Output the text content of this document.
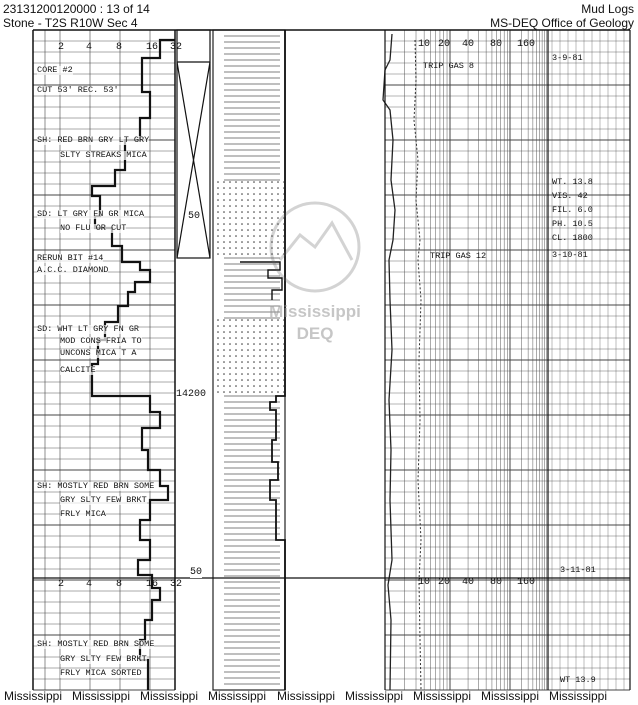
23131200120000 : 13 of 14
Stone - T2S R10W Sec 4
Mud Logs
MS-DEQ Office of Geology
2 4 8 16 32
2 4 8 16 32
10 20 40 80 160
10 20 40 80 160
50
14200
50
CORE #2
CUT 53' REC. 53'
SH: RED BRN GRY LT GRY
SLTY STREAKS MICA
SD: LT GRY FN GR MICA
NO FLU OR CUT
RERUN BIT #14
A.C.C. DIAMOND
SD: WHT LT GRY FN GR
MOD CONS FRIA TO
UNCONS MICA T A
CALCITE
SH: MOSTLY RED BRN SOME
GRY SLTY FEW BRKT
FRLY MICA
SH: MOSTLY RED BRN SOME
GRY SLTY FEW BRKT
FRLY MICA SORTED
TRIP GAS 8
TRIP GAS 12
3-9-81
WT. 13.8
VIS. 42
FIL. 6.0
PH. 10.5
CL. 1800
3-10-81
3-11-81
WT 13.9
Mississippi
DEQ
Mississippi Mississippi Mississippi Mississippi Mississippi Mississippi Mississippi Mississippi Mississippi
